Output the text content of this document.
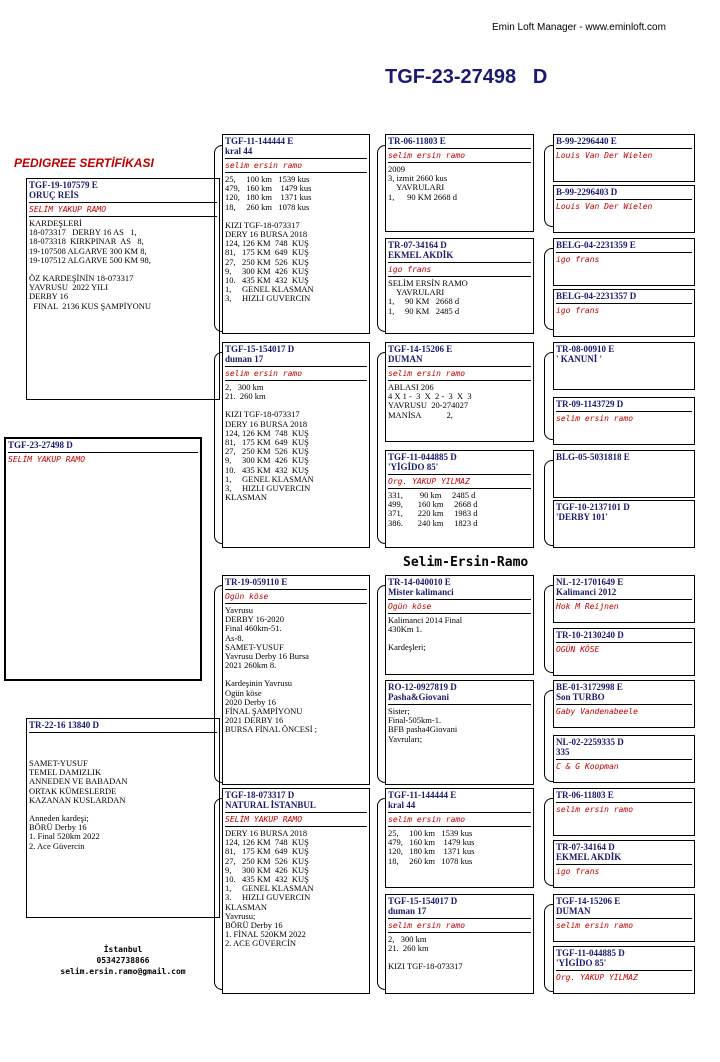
Emin Loft Manager - www.eminloft.com
TGF-23-27498   D
PEDIGREE SERTİFİKASI
TGF-19-107579 E
ORUÇ REİS
SELİM YAKUP RAMO
KARDEŞLERİ
18-073317   DERBY 16 AS   1,
18-073318  KIRKPINAR  AS   8,
19-107508 ALGARVE 300 KM 8,
19-107512 ALGARVE 500 KM 98,
ÖZ KARDEŞİNİN 18-073317
YAVRUSU  2022 YILI
DERBY 16
FINAL  2136 KUS ŞAMPİYONU
TGF-23-27498 D
SELİM YAKUP RAMO
TR-22-16 13840 D
SAMET-YUSUF
TEMEL DAMIZLIK
ANNEDEN VE BABADAN
ORTAK KÜMESLERDE
KAZANAN KUSLARDAN
Anneden kardeşi;
BÖRÜ Derby 16
1. Final 520km 2022
2. Ace Güvercin
İstanbul
05342738866
selim.ersin.ramo@gmail.com
TGF-11-144444 E
kral 44
selim ersin ramo
25,     100 km   1539 kus
479,   160 km    1479 kus
120,   180 km    1371 kus
18,     260 km   1078 kus
KIZI TGF-18-073317
DERY 16 BURSA 2018
124, 126 KM  748  KUŞ
81,   175 KM  649  KUŞ
27,   250 KM  526  KUŞ
9,     300 KM  426  KUŞ
10.   435 KM  432  KUŞ
1,     GENEL KLASMAN
3,     HIZLI GUVERCIN
TGF-15-154017 D
duman 17
selim ersin ramo
2,   300 km
21.  260 km
KIZI TGF-18-073317
DERY 16 BURSA 2018
124, 126 KM  748  KUŞ
81,   175 KM  649  KUŞ
27,   250 KM  526  KUŞ
9,     300 KM  426  KUŞ
10.   435 KM  432  KUŞ
1,     GENEL KLASMAN
3,     HIZLI GUVERCIN
KLASMAN
TR-19-059110 E
Ogün köse
Yavrusu
DERBY 16-2020
Final 460km-51.
As-8.
SAMET-YUSUF
Yavrusu Derby 16 Bursa
2021 260km 8.
Kardeşinin Yavrusu
Ogün köse
2020 Derby 16
FİNAL ŞAMPİYONU
2021 DERBY 16
BURSA FİNAL ÖNCESİ ;
TGF-18-073317 D
NATURAL İSTANBUL
SELİM YAKUP RAMO
DERY 16 BURSA 2018
124, 126 KM  748  KUŞ
81,   175 KM  649  KUŞ
27,   250 KM  526  KUŞ
9,     300 KM  426  KUŞ
10.   435 KM  432  KUŞ
1,     GENEL KLASMAN
3.     HIZLI GUVERCIN
KLASMAN
Yavrusu;
BÖRÜ Derby 16
1. FİNAL 520KM 2022
2. ACE GÜVERCİN
TR-06-11803 E
selim ersin ramo
2009
3, izmit 2660 kus
YAVRULARI
1,      90 KM 2668 d
TR-07-34164 D
EKMEL AKDİK
igo frans
SELİM ERSİN RAMO
YAVRULARI
1,     90 KM   2668 d
1,     90 KM   2485 d
TGF-14-15206 E
DUMAN
selim ersin ramo
ABLASI 206
4 X 1 -  3  X  2 -  3  X  3
YAVRUSU  20-274027
MANİSA            2,
TGF-11-044885 D
'YİGİDO 85'
Org. YAKUP YILMAZ
331,        90 km     2485 d
499,       160 km     2668 d
371,       220 km     1983 d
386.       240 km     1823 d
TR-14-040010 E
Mister kalimanci
Ogün köse
Kalimanci 2014 Final
430Km 1.
Kardeşleri;
RO-12-0927819 D
Pasha&Giovani
Sister;
Final-505km-1.
BFB pasha4Giovani
Yavruları;
TGF-11-144444 E
kral 44
selim ersin ramo
25,     100 km   1539 kus
479,   160 km    1479 kus
120,   180 km    1371 kus
18,     260 km   1078 kus
TGF-15-154017 D
duman 17
selim ersin ramo
2,   300 km
21.  260 km
KIZI TGF-18-073317
B-99-2296440 E
Louis Van Der Wielen
B-99-2296403 D
Louis Van Der Wielen
BELG-04-2231359 E
igo frans
BELG-04-2231357 D
igo frans
TR-08-00910 E
' KANUNİ '
TR-09-1143729 D
selim ersin ramo
BLG-05-5031818 E
TGF-10-2137101 D
'DERBY 101'
NL-12-1701649 E
Kalimanci 2012
Hok M Reijnen
TR-10-2130240 D
OGÜN KÖSE
BE-01-3172998 E
Son TURBO
Gaby Vandenabeele
NL-02-2259335 D
335
C & G Koopman
TR-06-11803 E
selim ersin ramo
TR-07-34164 D
EKMEL AKDİK
igo frans
TGF-14-15206 E
DUMAN
selim ersin ramo
TGF-11-044885 D
'YİGİDO 85'
Org. YAKUP YILMAZ
Selim-Ersin-Ramo
